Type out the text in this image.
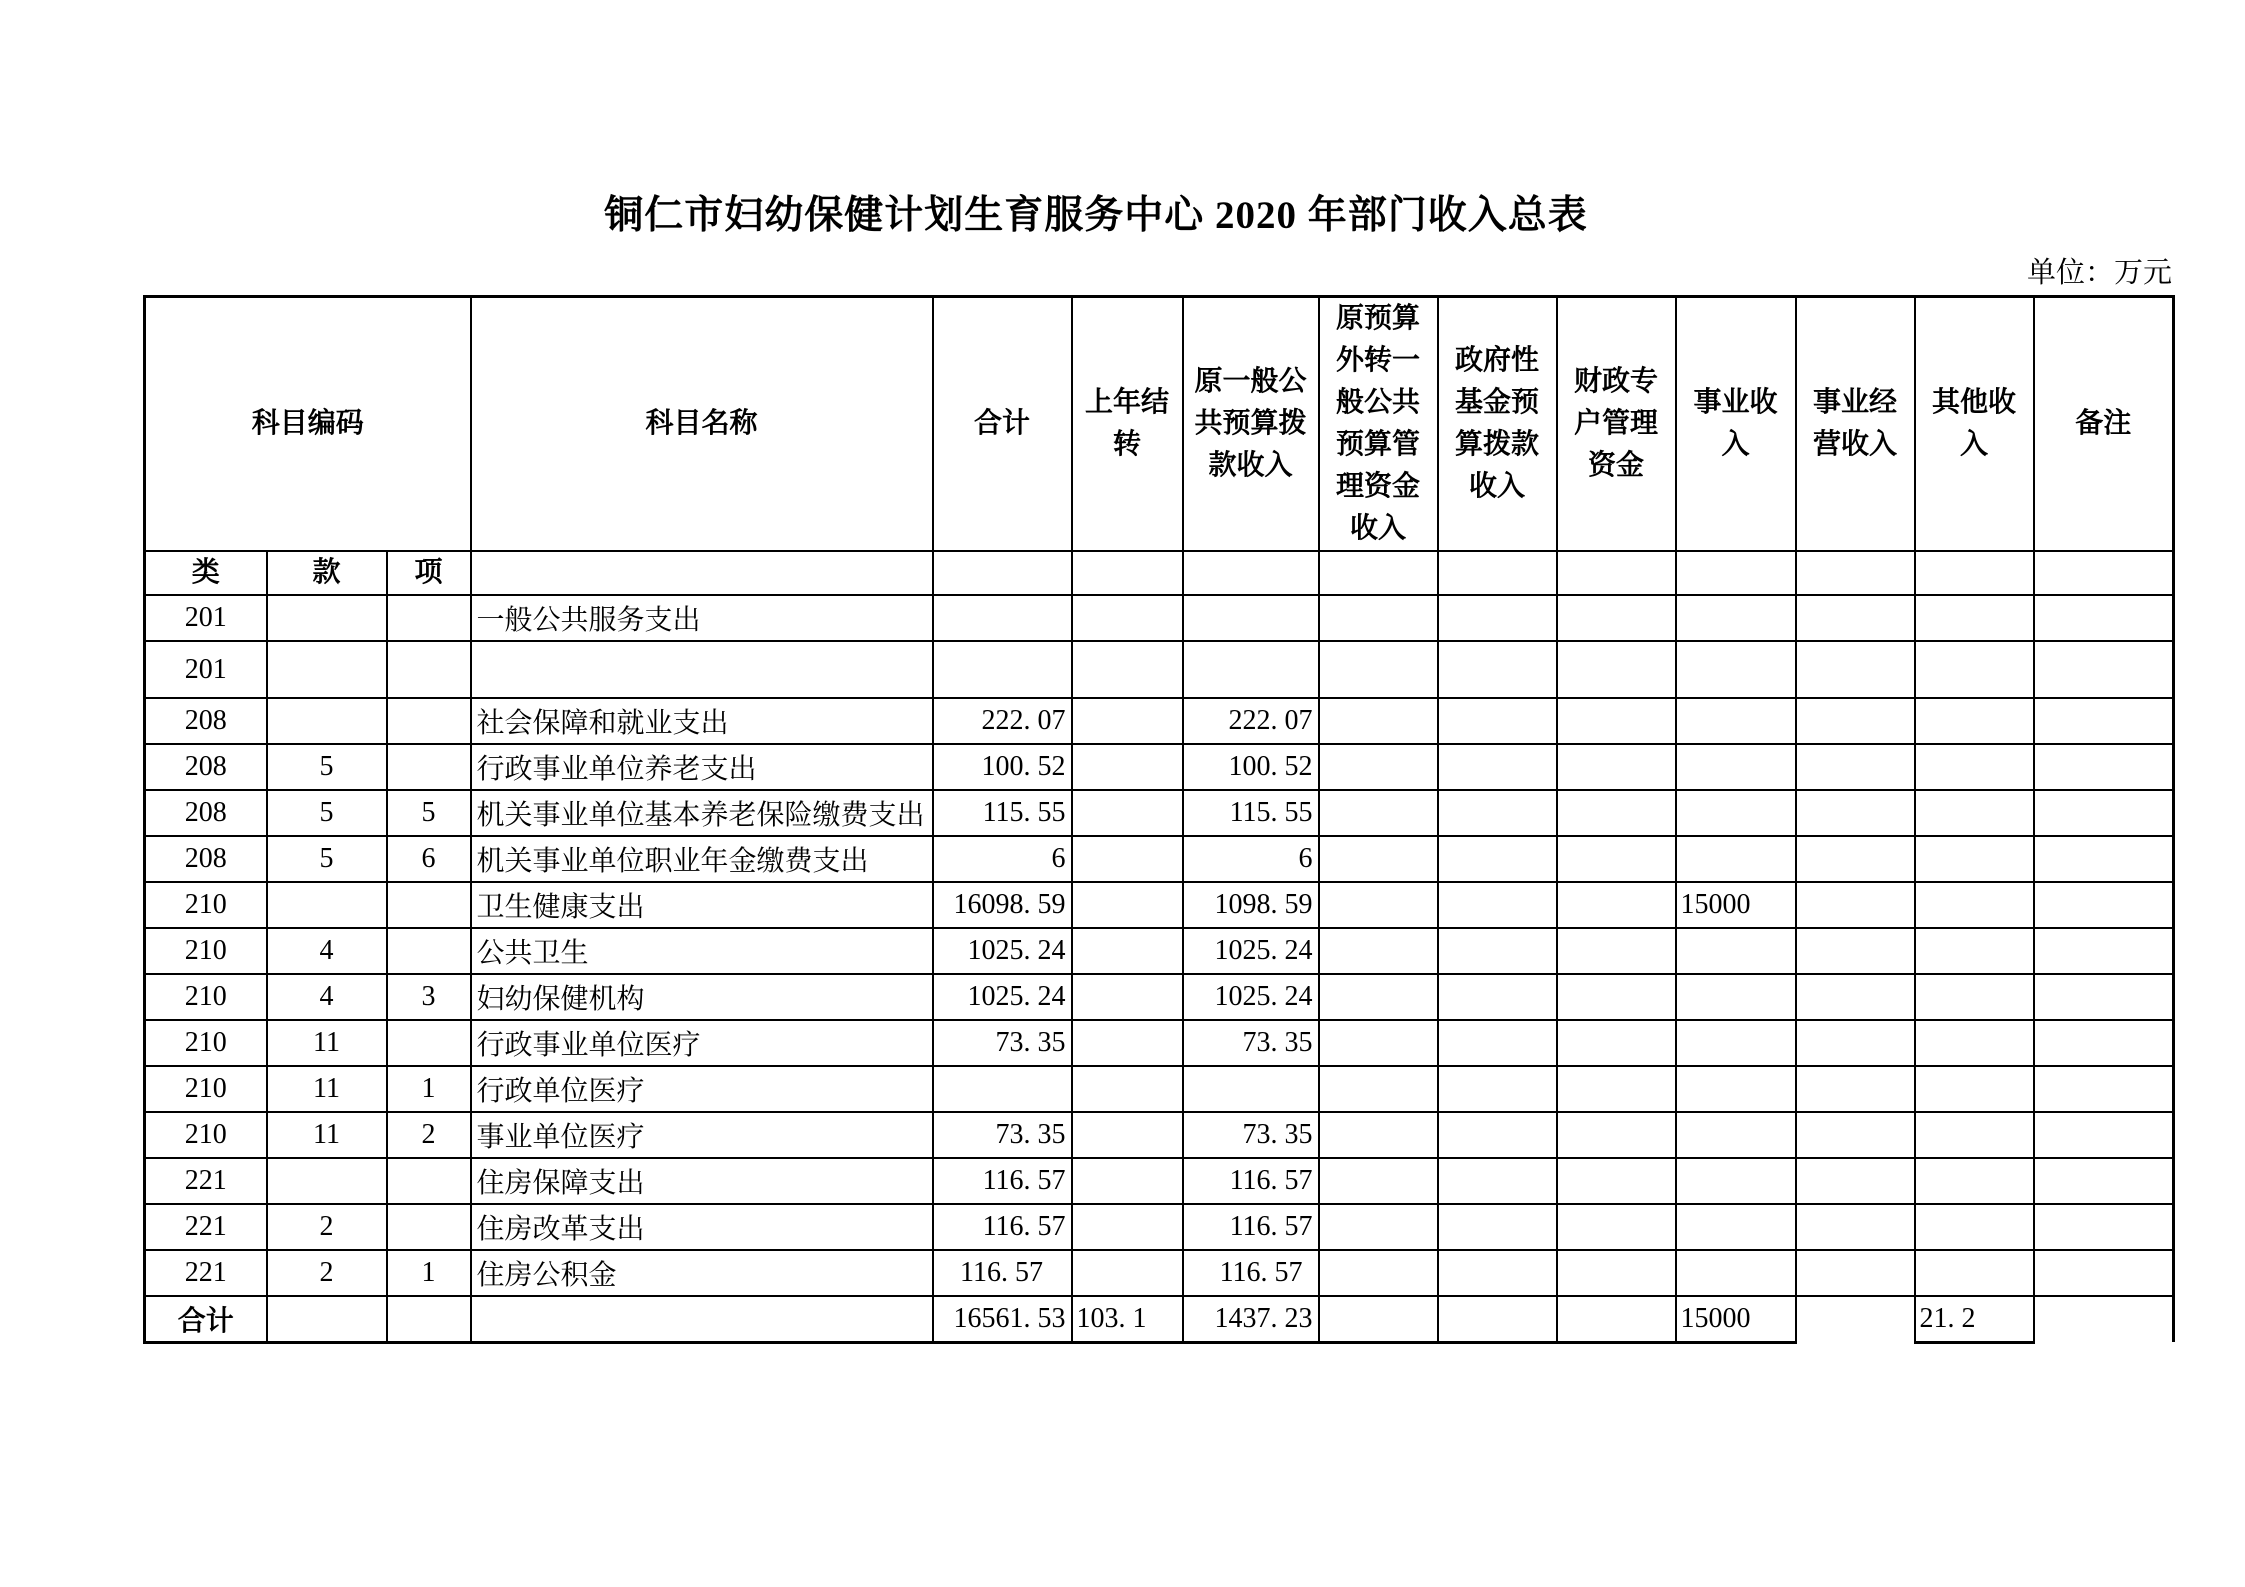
铜仁市妇幼保健计划生育服务中心 2020 年部门收入总表
单位：万元
科目编码			科目名称	合计	上年结转	原一般公共预算拨款收入	原预算外转一般公共预算管理资金收入	政府性基金预算拨款收入	财政专户管理资金	事业收入	事业经营收入	其他收入	备注
类	款	项											
201			一般公共服务支出										
201													
208			社会保障和就业支出	222. 07		222. 07							
208	5		行政事业单位养老支出	100. 52		100. 52							
208	5	5	机关事业单位基本养老保险缴费支出	115. 55		115. 55							
208	5	6	机关事业单位职业年金缴费支出	6		6							
210			卫生健康支出	16098. 59		1098. 59				15000			
210	4		公共卫生	1025. 24		1025. 24							
210	4	3	妇幼保健机构	1025. 24		1025. 24							
210	11		行政事业单位医疗	73. 35		73. 35							
210	11	1	行政单位医疗										
210	11	2	事业单位医疗	73. 35		73. 35							
221			住房保障支出	116. 57		116. 57							
221	2		住房改革支出	116. 57		116. 57							
221	2	1	住房公积金	116. 57		116. 57							
合计				16561. 53	103. 1	1437. 23				15000		21. 2	
